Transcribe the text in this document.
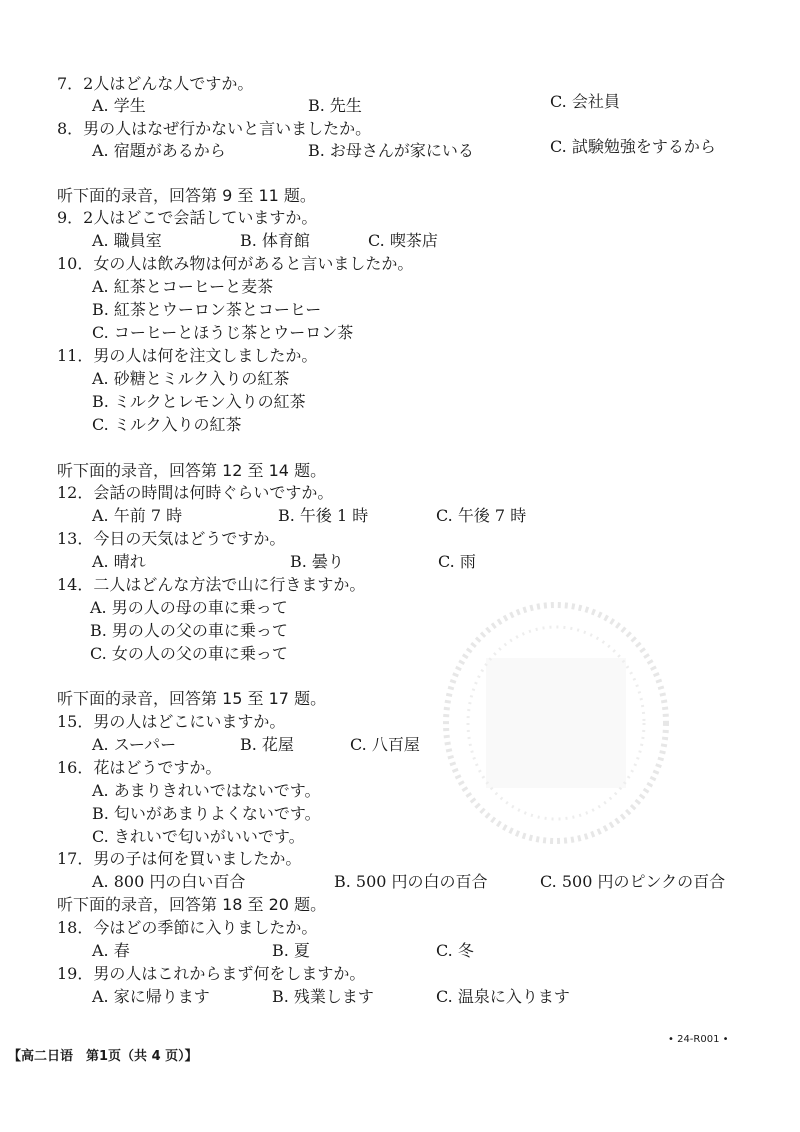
7．2人はどんな人ですか。
A. 学生	B. 先生	C. 会社員
8．男の人はなぜ行かないと言いましたか。
A. 宿題があるから	B. お母さんが家にいる	C. 試験勉強をするから
听下面的录音，回答第 9 至 11 题。
9．2人はどこで会話していますか。
A. 職員室	B. 体育館	C. 喫茶店
10．女の人は飲み物は何があると言いましたか。
A. 紅茶とコーヒーと麦茶
B. 紅茶とウーロン茶とコーヒー
C. コーヒーとほうじ茶とウーロン茶
11．男の人は何を注文しましたか。
A. 砂糖とミルク入りの紅茶
B. ミルクとレモン入りの紅茶
C. ミルク入りの紅茶
听下面的录音，回答第 12 至 14 题。
12．会話の時間は何時ぐらいですか。
A. 午前 7 時	B. 午後 1 時	C. 午後 7 時
13．今日の天気はどうですか。
A. 晴れ	B. 曇り	C. 雨
14．二人はどんな方法で山に行きますか。
A. 男の人の母の車に乗って
B. 男の人の父の車に乗って
C. 女の人の父の車に乗って
听下面的录音，回答第 15 至 17 题。
15．男の人はどこにいますか。
A. スーパー	B. 花屋	C. 八百屋
16．花はどうですか。
A. あまりきれいではないです。
B. 匂いがあまりよくないです。
C. きれいで匂いがいいです。
17．男の子は何を買いましたか。
A. 800 円の白い百合	B. 500 円の白の百合	C. 500 円のピンクの百合
听下面的录音，回答第 18 至 20 题。
18．今はどの季節に入りましたか。
A. 春	B. 夏	C. 冬
19．男の人はこれからまず何をしますか。
A. 家に帰ります	B. 残業します	C. 温泉に入ります
【高二日语　第1页（共 4 页）】
• 24-R001 •
